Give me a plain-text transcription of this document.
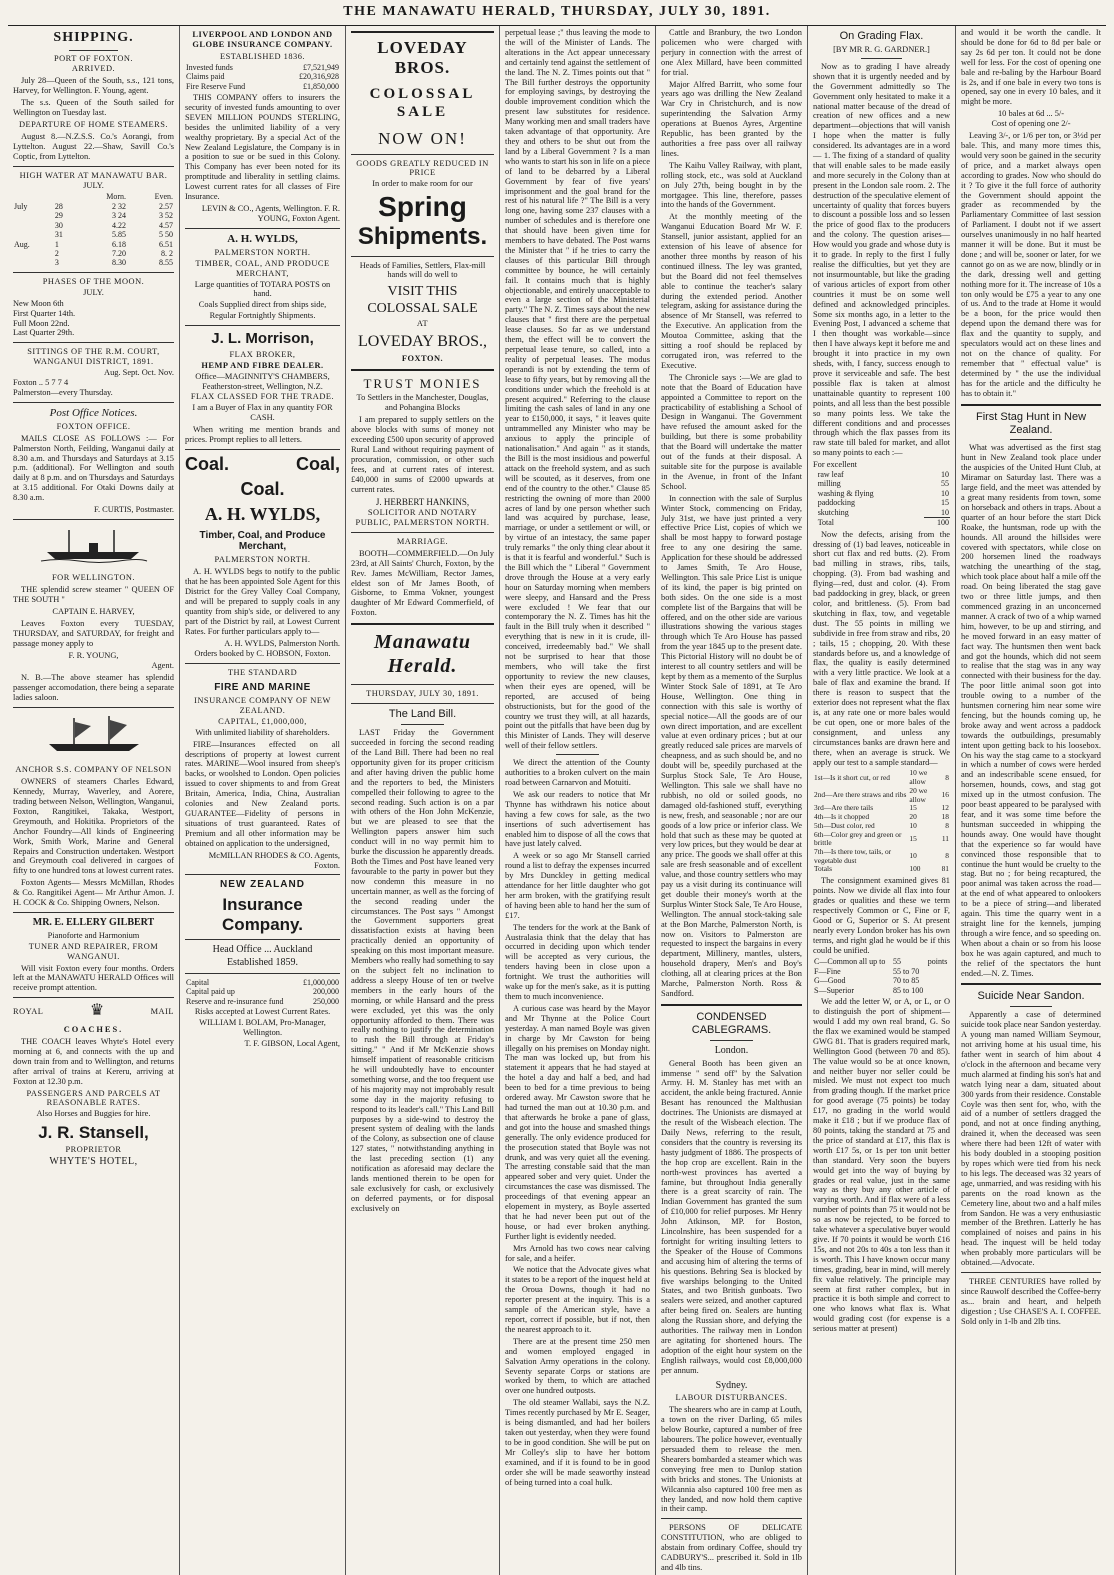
THE MANAWATU HERALD, THURSDAY, JULY 30, 1891.
SHIPPING.
PORT OF FOXTON.
ARRIVED.

July 28—Queen of the South, s.s., 121 tons, Harvey, for Wellington. F. Young, agent.

The s.s. Queen of the South sailed for Wellington on Tuesday last.

DEPARTURE OF HOME STEAMERS.

August 8.—N.Z.S.S. Co.'s Aorangi, from Lyttelton. August 22.—Shaw, Savill Co.'s Coptic, from Lyttelton.

HIGH WATER AT MANAWATU BAR.
JULY.
		Morn.	Even.
July	28	2 32	2.57
	29	3 24	3 52
	30	4.22	4.57
	31	5.85	5 50
Aug.	1	6.18	6.51
	2	7.20	8. 2
	3	8.30	8.55
PHASES OF THE MOON.
JULY.
New Moon 6th
First Quarter 14th.
Full Moon 22nd.
Last Quarter 29th.
SITTINGS OF THE R.M. COURT, WANGANUI DISTRICT, 1891.
Aug. Sept. Oct. Nov.
Foxton .. 5 7 7 4
Palmerston—every Thursday.
Post Office Notices.
FOXTON OFFICE.

MAILS CLOSE AS FOLLOWS :— For Palmerston North, Feilding, Wanganui daily at 8.30 a.m. and Thursdays and Saturdays at 3.15 p.m. (additional). For Wellington and south daily at 8 p.m. and on Thursdays and Saturdays at 3.15 additional. For Otaki Downs daily at 8.30 a.m.

F. CURTIS, Postmaster.
FOR WELLINGTON.

THE splendid screw steamer " QUEEN OF THE SOUTH "

CAPTAIN E. HARVEY,

Leaves Foxton every TUESDAY, THURSDAY, and SATURDAY, for freight and passage money apply to

F. R. YOUNG,
Agent.

N. B.—The above steamer has splendid passenger accomodation, there being a separate ladies saloon.

ANCHOR S.S. COMPANY OF NELSON

OWNERS of steamers Charles Edward, Kennedy, Murray, Waverley, and Aorere, trading between Nelson, Wellington, Wanganui, Foxton, Rangitikei, Takaka, Westport, Greymouth, and Hokitika. Proprietors of the Anchor Foundry—All kinds of Engineering Work, Smith Work, Marine and General Repairs and Construction undertaken. Westport and Greymouth coal delivered in cargoes of fifty to one hundred tons at lowest current rates.

Foxton Agents— Messrs McMillan, Rhodes & Co. Rangitikei Agent— Mr Arthur Amon. J. H. COCK & Co. Shipping Owners, Nelson.

MR. E. ELLERY GILBERT
Pianoforte and Harmonium
TUNER AND REPAIRER, FROM WANGANUI.

Will visit Foxton every four months. Orders left at the MANAWATU HERALD Offices will receive prompt attention.

ROYAL	♛	MAIL
COACHES.

THE COACH leaves Whyte's Hotel every morning at 6, and connects with the up and down train from and to Wellington, and returns after arrival of trains at Kereru, arriving at Foxton at 12.30 p.m.

PASSENGERS AND PARCELS AT REASONABLE RATES.
Also Horses and Buggies for hire.
J. R. Stansell,
PROPRIETOR
WHYTE'S HOTEL,
LIVERPOOL AND LONDON AND GLOBE INSURANCE COMPANY.
ESTABLISHED 1836.
Invested funds	£7,521,949
Claims paid	£20,316,928
Fire Reserve Fund	£1,850,000

THIS COMPANY offers to insurers the security of invested funds amounting to over SEVEN MILLION POUNDS STERLING, besides the unlimited liability of a very wealthy proprietary. By a special Act of the New Zealand Legislature, the Company is in a position to sue or be sued in this Colony. This Company has ever been noted for its promptitude and liberality in settling claims. Lowest current rates for all classes of Fire Insurance.

LEVIN & CO., Agents, Wellington. F. R. YOUNG, Foxton Agent.
A. H. WYLDS,
PALMERSTON NORTH.
TIMBER, COAL, AND PRODUCE MERCHANT,
Large quantities of TOTARA POSTS on hand.
Coals Supplied direct from ships side,
Regular Fortnightly Shipments.
J. L. Morrison,
FLAX BROKER,
HEMP AND FIBRE DEALER.
Office—MAGINNITY'S CHAMBERS, Featherston-street, Wellington, N.Z.
FLAX CLASSED FOR THE TRADE.
I am a Buyer of Flax in any quantity FOR CASH.

When writing me mention brands and prices. Prompt replies to all letters.

Coal.	Coal,
Coal.
A. H. WYLDS,
Timber, Coal, and Produce Merchant,
PALMERSTON NORTH.

A. H. WYLDS begs to notify to the public that he has been appointed Sole Agent for this District for the Grey Valley Coal Company, and will be prepared to supply coals in any quantity from ship's side, or delivered to any part of the District by rail, at Lowest Current Rates. For further particulars apply to—

A. H. WYLDS, Palmerston North.
Orders booked by C. HOBSON, Foxton.
THE STANDARD
FIRE AND MARINE
INSURANCE COMPANY OF NEW ZEALAND.
CAPITAL, £1,000,000,
With unlimited liability of shareholders.

FIRE—Insurances effected on all descriptions of property at lowest current rates. MARINE—Wool insured from sheep's backs, or woolshed to London. Open policies issued to cover shipments to and from Great Britain, America, India, China, Australian colonies and New Zealand ports. GUARANTEE—Fidelity of persons in situations of trust guaranteed. Rates of Premium and all other information may be obtained on application to the undersigned,

McMILLAN RHODES & CO. Agents, Foxton.
NEW ZEALAND
Insurance Company.
Head Office ... Auckland
Established 1859.
Capital	£1,000,000
Capital paid up	200,000
Reserve and re-insurance fund	250,000
Risks accepted at Lowest Current Rates.
WILLIAM I. BOLAM, Pro-Manager, Wellington.
T. F. GIBSON, Local Agent,
LOVEDAY BROS.
COLOSSAL SALE
NOW ON!
GOODS GREATLY REDUCED IN PRICE
In order to make room for our
Spring
Shipments.
Heads of Families, Settlers, Flax-mill hands will do well to
VISIT THIS COLOSSAL SALE
AT
LOVEDAY BROS.,
FOXTON.
TRUST MONIES
To Settlers in the Manchester, Douglas, and Pohangina Blocks

I am prepared to supply settlers on the above blocks with sums of money not exceeding £500 upon security of approved Rural Land without requiring payment of procuration, commission, or other such fees, and at current rates of interest. £40,000 in sums of £2000 upwards at current rates.

J. HERBERT HANKINS,
SOLICITOR AND NOTARY PUBLIC, PALMERSTON NORTH.
MARRIAGE.

BOOTH—COMMERFIELD.—On July 23rd, at All Saints' Church, Foxton, by the Rev. James McWilliam, Rector James, eldest son of Mr James Booth, of Gisborne, to Emma Vokner, youngest daughter of Mr Edward Commerfield, of Foxton.

Manawatu Herald.
THURSDAY, JULY 30, 1891.
The Land Bill.

LAST Friday the Government succeeded in forcing the second reading of the Land Bill. There had been no real opportunity given for its proper criticism and after having driven the public home and the reporters to bed, the Ministers compelled their following to agree to the second reading. Such action is on a par with others of the Hon John McKenzie, but we are pleased to see that the Wellington papers answer him such conduct will in no way permit him to burke the discussion he apparently dreads. Both the Times and Post have leaned very favourable to the party in power but they now condemn this measure in no uncertain manner, as well as the forcing of the second reading under the circumstances. The Post says " Amongst the Government supporters great dissatisfaction exists at having been practically denied an opportunity of speaking on this most important measure. Members who really had something to say on the subject felt no inclination to address a sleepy House of ten or twelve members in the early hours of the morning, or while Hansard and the press were excluded, yet this was the only opportunity afforded to them. There was really nothing to justify the determination to rush the Bill through at Friday's sitting." " And if Mr McKenzie shows himself impatient of reasonable criticism he will undoubtedly have to encounter something worse, and the too frequent use of his majority may not improbably result some day in the majority refusing to respond to its leader's call." This Land Bill purposes by a side-wind to destroy the present system of dealing with the lands of the Colony, as subsection one of clause 127 states, " notwithstanding anything in the last preceding section (1) any notification as aforesaid may declare the lands mentioned therein to be open for sale exclusively for cash, or exclusively on deferred payments, or for disposal exclusively on

perpetual lease ;" thus leaving the mode to the will of the Minister of Lands. The alterations in the Act appear unnecessary and certainly tend against the settlement of the land. The N. Z. Times points out that " The Bill further destroys the opportunity for employing savings, by destroying the double improvement condition which the present law substitutes for residence. Many working men and small traders have taken advantage of that opportunity. Are they and others to be shut out from the land by a Liberal Government ? Is a man who wants to start his son in life on a piece of land to be debarred by a Liberal Government by fear of five years' imprisonment and the goal brand for the rest of his natural life ?" The Bill is a very long one, having some 237 clauses with a number of schedules and is therefore one that should have been given time for members to have debated. The Post warns the Minister that " if he tries to carry the clauses of this particular Bill through committee by bounce, he will certainly fail. It contains much that is highly objectionable, and entirely unacceptable to even a large section of the Ministerial party." The N. Z. Times says about the new clauses that " first there are the perpetual lease clauses. So far as we understand them, the effect will be to convert the perpetual lease tenure, so called, into a reality of perpetual leases. The modus operandi is not by extending the term of lease to fifty years, but by removing all the conditions under which the freehold is at present acquired." Referring to the clause limiting the cash sales of land in any one year to £150,000, it says, " it leaves quite untrammelled any Minister who may be anxious to apply the principle of nationalisation." And again " as it stands, the Bill is the most insidious and powerful attack on the freehold system, and as such will be scouted, as it deserves, from one end of the country to the other." Clause 85 restricting the owning of more than 2000 acres of land by one person whether such land was acquired by purchase, lease, marriage, or under a settlement or will, or by virtue of an intestacy, the same paper truly remarks " the only thing clear about it is that it is fearful and wonderful." Such is the Bill which the " Liberal " Government drove through the House at a very early hour on Saturday morning when members were sleepy, and Hansard and the Press were excluded ! We fear that our contemporary the N. Z. Times has hit the fault in the Bill truly when it described " everything that is new in it is crude, ill-conceived, irredeemably bad." We shall not be surprised to hear that those members, who will take the first opportunity to review the new clauses, when their eyes are opened, will be reported, are accused of being obstructionists, but for the good of the country we trust they will, at all hazards, point out the pitfalls that have been dug by this Minister of Lands. They will deserve well of their fellow settlers.

We direct the attention of the County authorities to a broken culvert on the main road between Carnarvon and Motuiti.

We ask our readers to notice that Mr Thynne has withdrawn his notice about having a few cows for sale, as the two insertions of such advertisement has enabled him to dispose of all the cows that have just lately calved.

A week or so ago Mr Stansell carried round a list to defray the expenses incurred by Mrs Dunckley in getting medical attendance for her little daughter who got her arm broken, with the gratifying result of having been able to hand her the sum of £17.

The tenders for the work at the Bank of Australasia think that the delay that has occurred in deciding upon which tender will be accepted as very curious, the tenders having been in close upon a fortnight. We trust the authorities will wake up for the men's sake, as it is putting them to much inconvenience.

A curious case was heard by the Mayor and Mr Thynne at the Police Court yesterday. A man named Boyle was given in charge by Mr Cawston for being illegally on his premises on Monday night. The man was locked up, but from his statement it appears that he had stayed at the hotel a day and half a bed, and had been to bed for a time previous to being ordered away. Mr Cawston swore that he had turned the man out at 10.30 p.m. and that afterwards he broke a pane of glass, and got into the house and smashed things generally. The only evidence produced for the prosecution stated that Boyle was not drunk, and was very quiet all the evening. The arresting constable said that the man appeared sober and very quiet. Under the circumstances the case was dismissed. The proceedings of that evening appear an elopement in mystery, as Boyle asserted that he had never been put out of the house, or had ever broken anything. Further light is evidently needed.

Mrs Arnold has two cows near calving for sale, and a heifer.

We notice that the Advocate gives what it states to be a report of the inquest held at the Oroua Downs, though it had no reporter present at the inquiry. This is a sample of the American style, have a report, correct if possible, but if not, then the nearest approach to it.

There are at the present time 250 men and women employed engaged in Salvation Army operations in the colony. Seventy separate Corps or stations are worked by them, to which are attached over one hundred outposts.

The old steamer Wallabi, says the N.Z. Times recently purchased by Mr E. Seager, is being dismantled, and had her boilers taken out yesterday, when they were found to be in good condition. She will be put on Mr Colley's slip to have her bottom examined, and if it is found to be in good order she will be made seaworthy instead of being turned into a coal hulk.

Cattle and Branbury, the two London policemen who were charged with perjury in connection with the arrest of one Alex Millard, have been committed for trial.

Major Alfred Barritt, who some four years ago was drilling the New Zealand War Cry in Christchurch, and is now superintending the Salvation Army operations at Buenos Ayres, Argentine Republic, has been granted by the authorities a free pass over all railway lines.

The Kaihu Valley Railway, with plant, rolling stock, etc., was sold at Auckland on July 27th, being bought in by the mortgagee. This line, therefore, passes into the hands of the Government.

At the monthly meeting of the Wanganui Education Board Mr W. F. Stansell, junior assistant, applied for an extension of his leave of absence for another three months by reason of his continued illness. The ley was granted, but the Board did not feel themselves able to continue the teacher's salary during the extended period. Another telegram, asking for assistance during the absence of Mr Stansell, was referred to the Executive. An application from the Moutoa Committee, asking that the sitting a roof should be replaced by corrugated iron, was referred to the Executive.

The Chronicle says :—We are glad to note that the Board of Education have appointed a Committee to report on the practicability of establishing a School of Design in Wanganui. The Government have refused the amount asked for the building, but there is some probability that the Board will undertake the matter out of the funds at their disposal. A suitable site for the purpose is available in the Avenue, in front of the Infant School.

In connection with the sale of Surplus Winter Stock, commencing on Friday, July 31st, we have just printed a very effective Price List, copies of which we shall be most happy to forward postage free to any one desiring the same. Application for these should be addressed to James Smith, Te Aro House, Wellington. This sale Price List is unique of its kind, the paper is big printed on both sides. On the one side is a most complete list of the Bargains that will be offered, and on the other side are various illustrations showing the various stages through which Te Aro House has passed from the year 1845 up to the present date. This Pictorial History will no doubt be of interest to all country settlers and will be kept by them as a memento of the Surplus Winter Stock Sale of 1891, at Te Aro House, Wellington. One thing in connection with this sale is worthy of special notice—All the goods are of our own direct importation, and are excellent value at even ordinary prices ; but at our greatly reduced sale prices are marvels of cheapness, and as such should be, and no doubt will be, speedily purchased at the Surplus Stock Sale, Te Aro House, Wellington. This sale we shall have no rubbish, no old or soiled goods, no damaged old-fashioned stuff, everything is new, fresh, and seasonable ; nor are our goods of a low price or inferior class. We hold that such as these may be quoted at very low prices, but they would be dear at any price. The goods we shall offer at this sale are fresh seasonable and of excellent value, and those country settlers who may pay us a visit during its continuance will get double their money's worth at the Surplus Winter Stock Sale, Te Aro House, Wellington. The annual stock-taking sale at the Bon Marche, Palmerston North, is now on. Visitors to Palmerston are requested to inspect the bargains in every department, Millinery, mantles, ulsters, household drapery, Men's and Boy's clothing, all at clearing prices at the Bon Marche, Palmerston North. Ross & Sandford.

CONDENSED CABLEGRAMS.
London.

General Booth has been given an immense " send off" by the Salvation Army. H. M. Stanley has met with an accident, the ankle being fractured. Annie Besant has renounced the Malthusian doctrines. The Unionists are dismayed at the result of the Wisbeach election. The Daily News, referring to the result, considers that the country is reversing its hasty judgment of 1886. The prospects of the hop crop are excellent. Rain in the north-west provinces has averted a famine, but throughout India generally there is a great scarcity of rain. The Indian Government has granted the sum of £10,000 for relief purposes. Mr Henry John Atkinson, MP. for Boston, Lincolnshire, has been suspended for a fortnight for writing insulting letters to the Speaker of the House of Commons and accusing him of altering the terms of his questions. Behring Sea is blocked by five warships belonging to the United States, and two British gunboats. Two sealers were seized, and another captured after being fired on. Sealers are hunting along the Russian shore, and defying the authorities. The railway men in London are agitating for shortened hours. The adoption of the eight hour system on the English railways, would cost £8,000,000 per annum.

Sydney.
LABOUR DISTURBANCES.

The shearers who are in camp at Louth, a town on the river Darling, 65 miles below Bourke, captured a number of free labourers. The police however, eventually persuaded them to release the men. Shearers bombarded a steamer which was conveying free men to Dunlop station with bricks and stones. The Unionists at Wilcannia also captured 100 free men as they landed, and now hold them captive in their camp.

PERSONS OF DELICATE CONSTITUTION, who are obliged to abstain from ordinary Coffee, should try CADBURY'S... prescribed it. Sold in 1lb and 4lb tins.

On Grading Flax.
[BY MR R. G. GARDNER.]

Now as to grading I have already shown that it is urgently needed and by the Government admittedly so The Government only hesitated to make it a national matter because of the dread of creation of new offices and a new department—objections that will vanish I hope when the matter is fully considered. Its advantages are in a word— 1. The fixing of a standard of quality that will enable sales to be made easily and more securely in the Colony than at present in the London sale room. 2. The destruction of the speculative element of uncertainty of quality that forces buyers to discount a possible loss and so lessen the price of good flax to the producers and the colony. The question arises—How would you grade and whose duty is it to grade. In reply to the first I fully realise the difficulties, but yet they are not insurmountable, but like the grading of various articles of export from other countries it must be on some well defined and acknowledged principles. Some six months ago, in a letter to the Evening Post, I advanced a scheme that I then thought was workable—since then I have always kept it before me and brought it into practice in my own sheds, with, I fancy, success enough to prove it serviceable and safe. The best possible flax is taken at almost unattainable quantity to represent 100 points, and all less than the best possible so many points less. We take the different conditions and and processes through which the flax passes from its raw state till baled for market, and allot so many points to each :—

For excellent
	raw leaf	10
	milling	55
	washing & flying	10
	paddocking	15
	skutching	10
	Total	100

Now the defects, arising from the dressing of (1) bad leaves, noticeable in short cut flax and red butts. (2). From bad milling in straws, ribs, tails, chopping. (3). From bad washing and flying—red, dust and color. (4). From bad paddocking in grey, black, or green color, and brittleness. (5). From bad skutching in flax, tow, and vegetable dust. The 55 points in milling we subdivide in free from straw and ribs, 20 ; tails, 15 ; chopping, 20. With these standards before us, and a knowledge of flax, the quality is easily determined with a very little practice. We look at a bale of flax and examine the brand. If there is reason to suspect that the exterior does not represent what the flax is, at any rate one or more bales would be cut open, one or more bales of the consignment, and unless any circumstances banks are drawn here and there, when an average is struck. We apply our test to a sample standard—

1st—Is it short cut, or red	10 we allow	8
2nd—Are there straws and ribs	20 we allow	16
3rd—Are there tails	15	12
4th—Is it chopped	20	18
5th—Dust color, red	10	8
6th—Color grey and green or brittle	15	11
7th—Is there tow, tails, or vegetable dust	10	8
Totals	100	81

The consignment examined gives 81 points. Now we divide all flax into four grades or qualities and these we term respectively Common or C, Fine or F, Good or G, Superior or S. At present nearly every London broker has his own terms, and right glad he would be if this could be unified.

C—Common all up to	55	points
F—Fine	55 to 70	
G—Good	70 to 85	
S—Superior	85 to 100	

We add the letter W, or A, or L, or O to distinguish the port of shipment—would I add my own real brand, G. So the flax we examined would be stamped GWG 81. That is graders required mark, Wellington Good (between 70 and 85). The value would so be at once known, and neither buyer nor seller could be misled. We must not expect too much from grading though. If the market price for good average (75 points) be today £17, no grading in the world would make it £18 ; but if we produce flax of 80 points, taking the standard at 75 and the price of standard at £17, this flax is worth £17 5s, or 1s per ton unit better than standard. Very soon the buyers would get into the way of buying by grades or real value, just in the same way as they buy any other article of varying worth. And if flax were of a less number of points than 75 it would not be so as now be rejected, to be forced to take whatever a speculative buyer would give. If 70 points it would be worth £16 15s, and not 20s to 40s a ton less than it is worth. This I have known occur many times, grading, bear in mind, will merely fix value relatively. The principle may seem at first rather complex, but in practice it is both simple and correct to one who knows what flax is. What would grading cost (for expense is a serious matter at present)

and would it be worth the candle. It should be done for 6d to 8d per bale or say 2s 6d per ton. It could not be done well for less. For the cost of opening one bale and re-baling by the Harbour Board is 2s, and if one bale in every two tons is opened, say one in every 10 bales, and it might be more.

10 bales at 6d ... 5/-
Cost of opening one 2/-

Leaving 3/-, or 1/6 per ton, or 3½d per bale. This, and many more times this, would very soon be gained in the security of price, and a market always open according to grades. Now who should do it ? To give it the full force of authority the Government should appoint the grader as recommended by the Parliamentary Committee of last session of Parliament. I doubt not if we assert ourselves unanimously in no half hearted manner it will be done. But it must be done ; and will be, sooner or later, for we cannot go on as we are now, blindly or in the dark, dressing well and getting nothing more for it. The increase of 10s a ton only would be £75 a year to any one of us. And to the trade at Home it would be a boon, for the price would then depend upon the demand there was for flax and the quantity to supply, and speculators would act on these lines and not on the chance of quality. For remember that " effectual value" is determined by " the use the individual has for the article and the difficulty he has to obtain it."

First Stag Hunt in New Zealand.

What was advertised as the first stag hunt in New Zealand took place under the auspicies of the United Hunt Club, at Miramar on Saturday last. There was a large field, and the meet was attended by a great many residents from town, some on horseback and others in traps. About a quarter of an hour before the start Dick Roake, the huntsman, rode up with the hounds. All around the hillsides were covered with spectators, while close on 200 horsemen lined the roadways watching the unearthing of the stag, which took place about half a mile off the road. On being liberated the stag gave two or three little jumps, and then commenced grazing in an unconcerned manner. A crack of two of a whip warned him, however, to be up and stirring, and he moved forward in an easy matter of fact way. The huntsmen then went back and got the hounds, which did not seem to realise that the stag was in any way connected with their business for the day. The poor little animal soon got into trouble owing to a number of the huntsmen cornering him near some wire fencing, but the hounds coming up, he broke away and went across a paddock towards the outbuildings, presumably intent upon getting back to his loosebox. On his way the stag came to a stockyard in which a number of cows were herded and an indescribable scene ensued, for horsemen, hounds, cows, and stag got mixed up in the utmost confusion. The poor beast appeared to be paralysed with fear, and it was some time before the huntsman succeeded in whipping the hounds away. One would have thought that the experience so far would have convinced those responsible that to continue the hunt would be cruelty to the stag. But no ; for being recaptured, the poor animal was taken across the road—at the end of what appeared to onlookers to be a piece of string—and liberated again. This time the quarry went in a straight line for the kennels, jumping through a wire fence, and so speeding on. When about a chain or so from his loose box he was again captured, and much to the relief of the spectators the hunt ended.—N. Z. Times.

Suicide Near Sandon.

Apparently a case of determined suicide took place near Sandon yesterday. A young man named William Seymour, not arriving home at his usual time, his father went in search of him about 4 o'clock in the afternoon and became very much alarmed at finding his son's hat and watch lying near a dam, situated about 300 yards from their residence. Constable Coyle was then sent for, who, with the aid of a number of settlers dragged the pond, and not at once finding anything, drained it, when the deceased was seen where there had been 12ft of water with his body doubled in a stooping position by ropes which were tied from his neck to his legs. The deceased was 32 years of age, unmarried, and was residing with his parents on the road known as the Cemetery line, about two and a half miles from Sandon. He was a very enthusiastic member of the Brethren. Latterly he has complained of noises and pains in his head. The inquest will be held today when probably more particulars will be obtained.—Advocate.

THREE CENTURIES have rolled by since Rauwolf described the Coffee-berry as... brain and heart, and helpeth digestion ; Use CHASE'S A. I. COFFEE. Sold only in 1-lb and 2lb tins.
